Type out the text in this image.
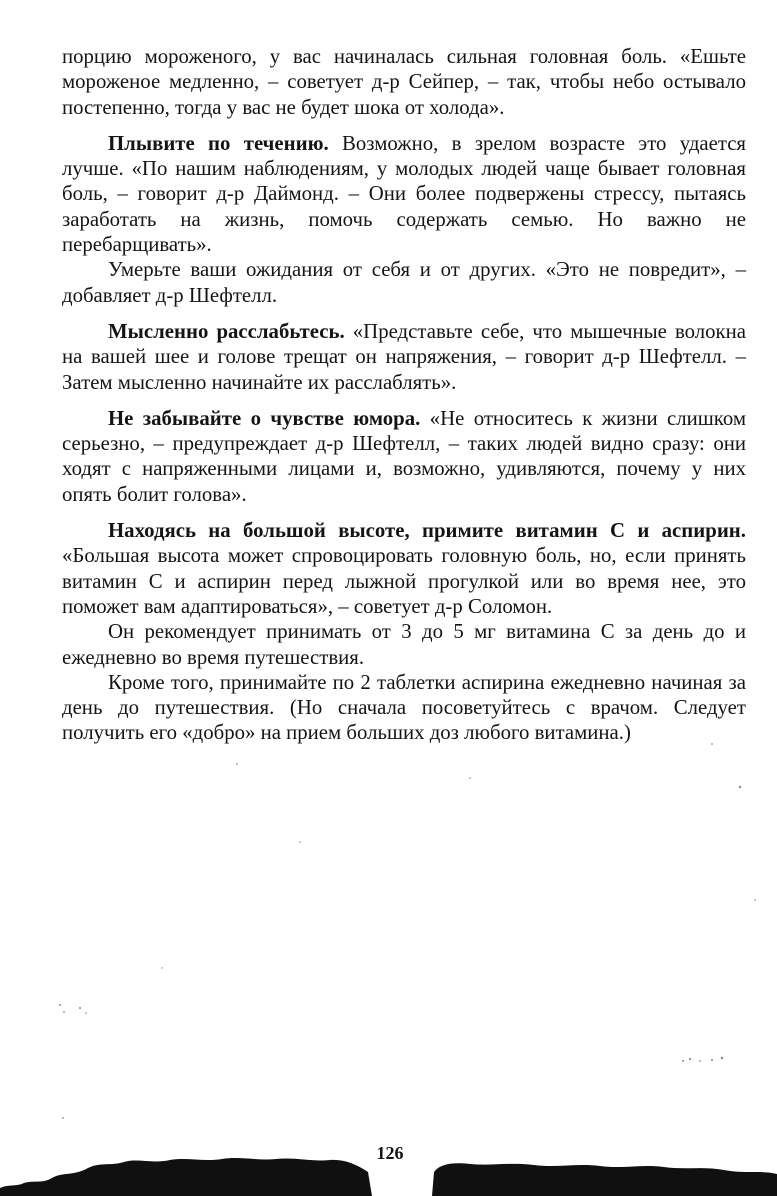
порцию мороженого, у вас начиналась сильная головная боль. «Ешьте мороженое медленно, – советует д-р Сейпер, – так, чтобы небо остывало постепенно, тогда у вас не будет шока от холода».

Плывите по течению. Возможно, в зрелом возрасте это удается лучше. «По нашим наблюдениям, у молодых людей чаще бывает головная боль, – говорит д-р Даймонд. – Они более подвержены стрессу, пытаясь заработать на жизнь, помочь содержать семью. Но важно не перебарщивать».

Умерьте ваши ожидания от себя и от других. «Это не повредит», – добавляет д-р Шефтелл.

Мысленно расслабьтесь. «Представьте себе, что мышечные волокна на вашей шее и голове трещат он напряжения, – говорит д-р Шефтелл. – Затем мысленно начинайте их расслаблять».

Не забывайте о чувстве юмора. «Не относитесь к жизни слишком серьезно, – предупреждает д-р Шефтелл, – таких людей видно сразу: они ходят с напряженными лицами и, возможно, удивляются, почему у них опять болит голова».

Находясь на большой высоте, примите витамин С и аспирин. «Большая высота может спровоцировать головную боль, но, если принять витамин С и аспирин перед лыжной прогулкой или во время нее, это поможет вам адаптироваться», – советует д-р Соломон.

Он рекомендует принимать от 3 до 5 мг витамина С за день до и ежедневно во время путешествия.

Кроме того, принимайте по 2 таблетки аспирина ежедневно начиная за день до путешествия. (Но сначала посоветуйтесь с врачом. Следует получить его «добро» на прием больших доз любого витамина.)

126
